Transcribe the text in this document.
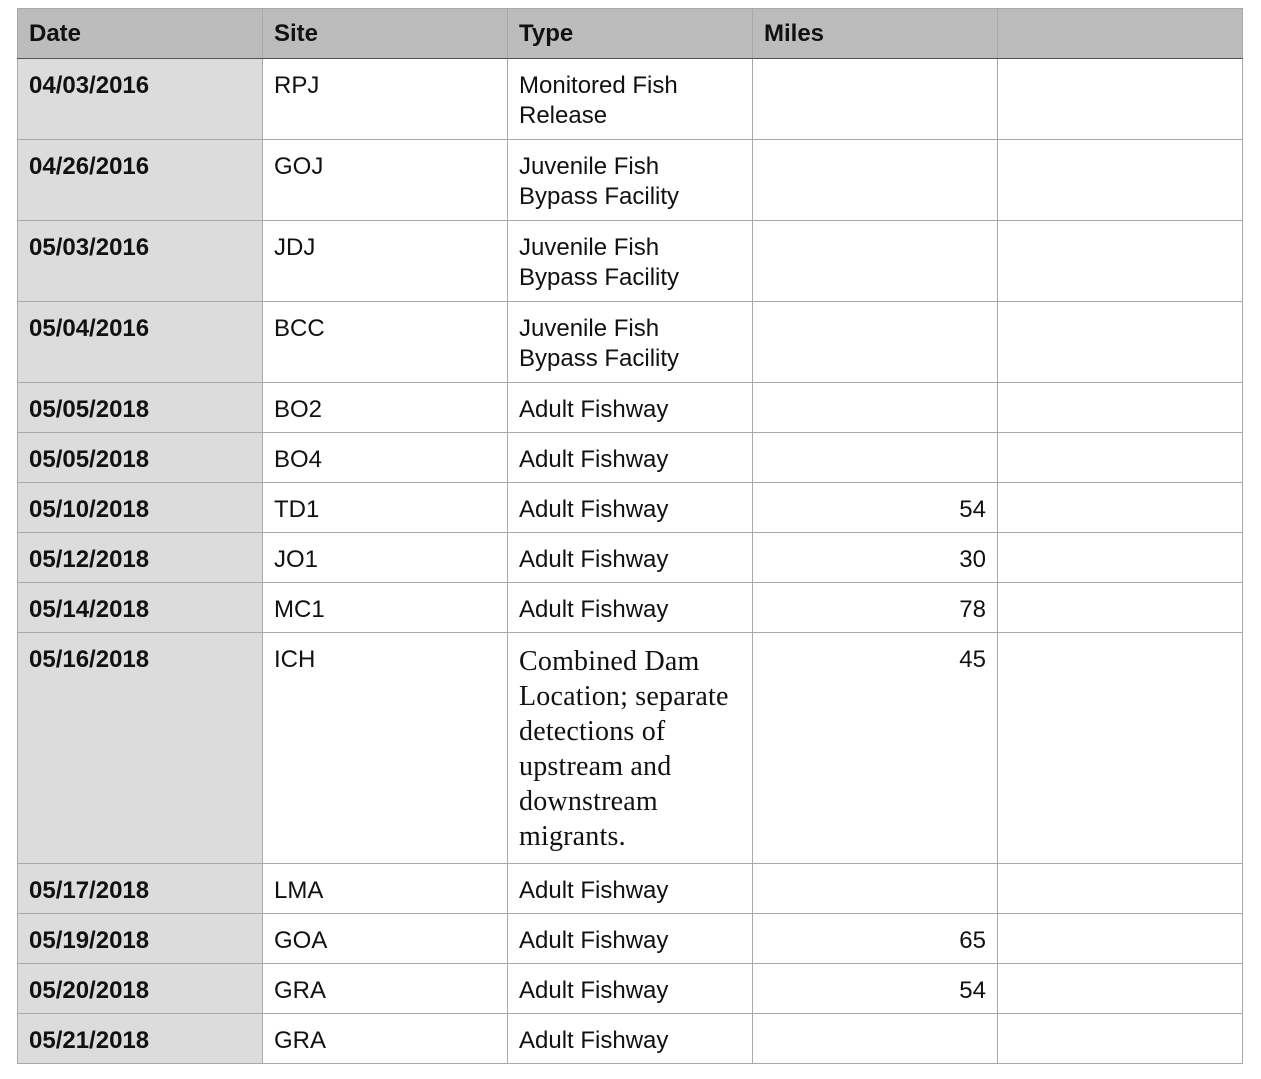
Date	Site	Type	Miles	
04/03/2016	RPJ	Monitored Fish Release		
04/26/2016	GOJ	Juvenile Fish Bypass Facility		
05/03/2016	JDJ	Juvenile Fish Bypass Facility		
05/04/2016	BCC	Juvenile Fish Bypass Facility		
05/05/2018	BO2	Adult Fishway		
05/05/2018	BO4	Adult Fishway		
05/10/2018	TD1	Adult Fishway	54	
05/12/2018	JO1	Adult Fishway	30	
05/14/2018	MC1	Adult Fishway	78	
05/16/2018	ICH	Combined Dam Location; separate detections of upstream and downstream migrants.	45	
05/17/2018	LMA	Adult Fishway		
05/19/2018	GOA	Adult Fishway	65	
05/20/2018	GRA	Adult Fishway	54	
05/21/2018	GRA	Adult Fishway		
